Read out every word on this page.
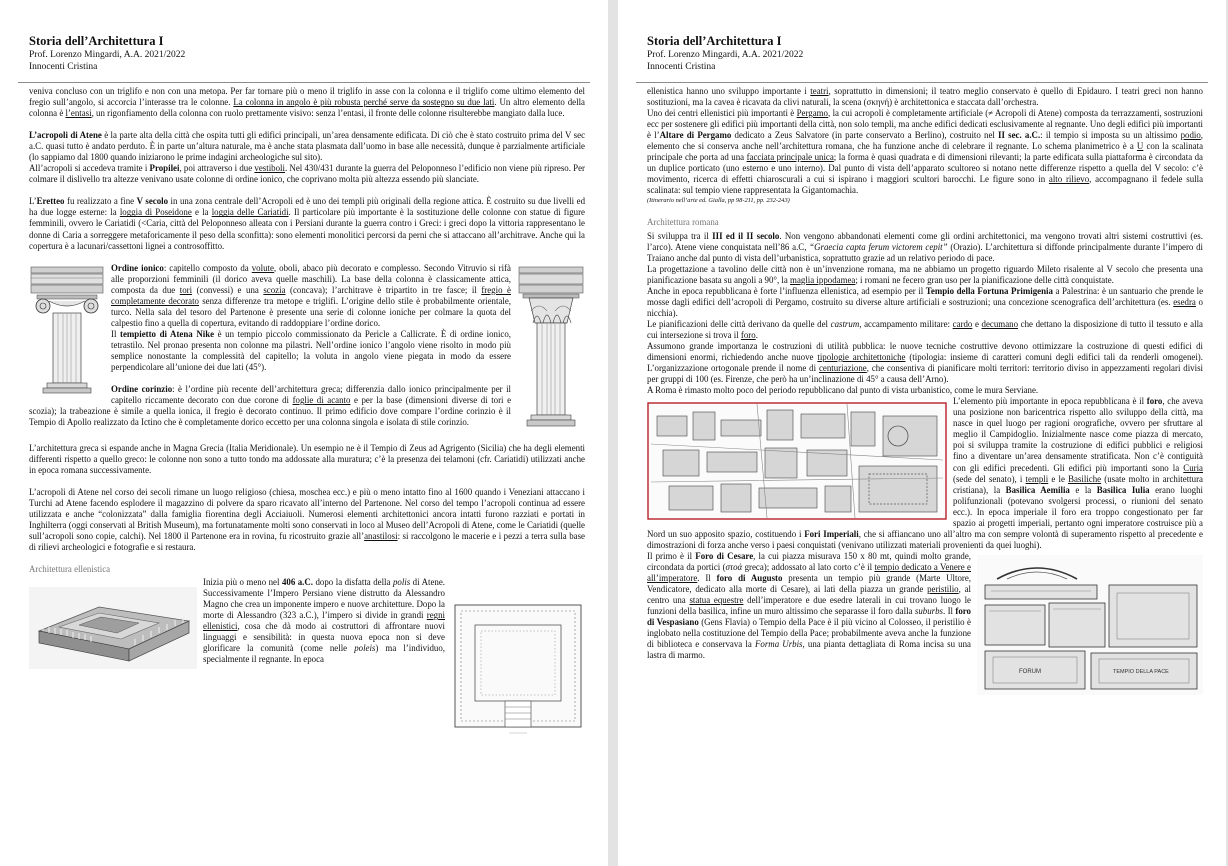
Storia dell’Architettura I
Prof. Lorenzo Mingardi, A.A. 2021/2022
Innocenti Cristina

veniva concluso con un triglifo e non con una metopa. Per far tornare più o meno il triglifo in asse con la colonna e il triglifo come ultimo elemento del fregio sull’angolo, si accorcia l’interasse tra le colonne. La colonna in angolo è più robusta perché serve da sostegno su due lati. Un altro elemento della colonna è l’entasi, un rigonfiamento della colonna con ruolo prettamente visivo: senza l’entasi, il fronte delle colonne risulterebbe mangiato dalla luce.

L’acropoli di Atene è la parte alta della città che ospita tutti gli edifici principali, un’area densamente edificata. Di ciò che è stato costruito prima del V sec a.C. quasi tutto è andato perduto. È in parte un’altura naturale, ma è anche stata plasmata dall’uomo in base alle necessità, dunque è parzialmente artificiale (lo sappiamo dal 1800 quando iniziarono le prime indagini archeologiche sul sito).

All’acropoli si accedeva tramite i Propilei, poi attraverso i due vestiboli. Nel 430/431 durante la guerra del Peloponneso l’edificio non viene più ripreso. Per colmare il dislivello tra altezze venivano usate colonne di ordine ionico, che coprivano molta più altezza essendo più slanciate.

L’Eretteo fu realizzato a fine V secolo in una zona centrale dell’Acropoli ed è uno dei templi più originali della regione attica. È costruito su due livelli ed ha due logge esterne: la loggia di Poseidone e la loggia delle Cariatidi. Il particolare più importante è la sostituzione delle colonne con statue di figure femminili, ovvero le Cariatidi (<Caria, città del Peloponneso alleata con i Persiani durante la guerra contro i Greci: i greci dopo la vittoria rappresentano le donne di Caria a sorreggere metaforicamente il peso della sconfitta): sono elementi monolitici percorsi da perni che si attaccano all’architrave. Anche qui la copertura è a lacunari/cassettoni lignei a controsoffitto.

Ordine ionico: capitello composto da volute, oboli, abaco più decorato e complesso. Secondo Vitruvio si rifà alle proporzioni femminili (il dorico aveva quelle maschili). La base della colonna è classicamente attica, composta da due tori (convessi) e una scozia (concava); l’architrave è tripartito in tre fasce; il fregio è completamente decorato senza differenze tra metope e triglifi. L’origine dello stile è probabilmente orientale, turco. Nella sala del tesoro del Partenone è presente una serie di colonne ioniche per colmare la quota del calpestio fino a quella di copertura, evitando di raddoppiare l’ordine dorico.

Il tempietto di Atena Nike è un tempio piccolo commissionato da Pericle a Callicrate. È di ordine ionico, tetrastilo. Nel pronao presenta non colonne ma pilastri. Nell’ordine ionico l’angolo viene risolto in modo più semplice nonostante la complessità del capitello; la voluta in angolo viene piegata in modo da essere perpendicolare all’unione dei due lati (45°).

Ordine corinzio: è l’ordine più recente dell’architettura greca; differenzia dallo ionico principalmente per il capitello riccamente decorato con due corone di foglie di acanto e per la base (dimensioni diverse di tori e scozia); la trabeazione è simile a quella ionica, il fregio è decorato continuo. Il primo edificio dove compare l’ordine corinzio è il Tempio di Apollo realizzato da Ictino che è completamente dorico eccetto per una colonna singola e isolata di stile corinzio.

L’architettura greca si espande anche in Magna Grecia (Italia Meridionale). Un esempio ne è il Tempio di Zeus ad Agrigento (Sicilia) che ha degli elementi differenti rispetto a quello greco: le colonne non sono a tutto tondo ma addossate alla muratura; c’è la presenza dei telamoni (cfr. Cariatidi) utilizzati anche in epoca romana successivamente.

L’acropoli di Atene nel corso dei secoli rimane un luogo religioso (chiesa, moschea ecc.) e più o meno intatto fino al 1600 quando i Veneziani attaccano i Turchi ad Atene facendo esplodere il magazzino di polvere da sparo ricavato all’interno del Partenone. Nel corso del tempo l’acropoli continua ad essere utilizzata e anche “colonizzata” dalla famiglia fiorentina degli Acciaiuoli. Numerosi elementi architettonici ancora intatti furono razziati e portati in Inghilterra (oggi conservati al British Museum), ma fortunatamente molti sono conservati in loco al Museo dell’Acropoli di Atene, come le Cariatidi (quelle sull’acropoli sono copie, calchi). Nel 1800 il Partenone era in rovina, fu ricostruito grazie all’anastilosi: si raccolgono le macerie e i pezzi a terra sulla base di rilievi archeologici e fotografie e si restaura.

Architettura ellenistica

Inizia più o meno nel 406 a.C. dopo la disfatta della polis di Atene. Successivamente l’Impero Persiano viene distrutto da Alessandro Magno che crea un imponente impero e nuove architetture. Dopo la morte di Alessandro (323 a.C.), l’impero si divide in grandi regni ellenistici, cosa che dà modo ai costruttori di affrontare nuovi linguaggi e sensibilità: in questa nuova epoca non si deve glorificare la comunità (come nelle poleis) ma l’individuo, specialmente il regnante. In epoca

Storia dell’Architettura I
Prof. Lorenzo Mingardi, A.A. 2021/2022
Innocenti Cristina

ellenistica hanno uno sviluppo importante i teatri, soprattutto in dimensioni; il teatro meglio conservato è quello di Epidauro. I teatri greci non hanno sostituzioni, ma la cavea è ricavata da clivi naturali, la scena (σκηνή) è architettonica e staccata dall’orchestra.

Uno dei centri ellenistici più importanti è Pergamo, la cui acropoli è completamente artificiale (≠ Acropoli di Atene) composta da terrazzamenti, sostruzioni ecc per sostenere gli edifici più importanti della città, non solo templi, ma anche edifici dedicati esclusivamente al regnante. Uno degli edifici più importanti è l’Altare di Pergamo dedicato a Zeus Salvatore (in parte conservato a Berlino), costruito nel II sec. a.C.: il tempio si imposta su un altissimo podio, elemento che si conserva anche nell’architettura romana, che ha funzione anche di celebrare il regnante. Lo schema planimetrico è a U con la scalinata principale che porta ad una facciata principale unica; la forma è quasi quadrata e di dimensioni rilevanti; la parte edificata sulla piattaforma è circondata da un duplice porticato (uno esterno e uno interno). Dal punto di vista dell’apparato scultoreo si notano nette differenze rispetto a quella del V secolo: c’è movimento, ricerca di effetti chiaroscurali a cui si ispirano i maggiori scultori barocchi. Le figure sono in alto rilievo, accompagnano il fedele sulla scalinata: sul tempio viene rappresentata la Gigantomachia.

(Itinerario nell’arte ed. Gialla, pp 98-211, pp. 232-243)

Architettura romana

Si sviluppa tra il III ed il II secolo. Non vengono abbandonati elementi come gli ordini architettonici, ma vengono trovati altri sistemi costruttivi (es. l’arco). Atene viene conquistata nell’86 a.C, “Graecia capta ferum victorem cepit” (Orazio). L’architettura si diffonde principalmente durante l’impero di Traiano anche dal punto di vista dell’urbanistica, soprattutto grazie ad un relativo periodo di pace.

La progettazione a tavolino delle città non è un’invenzione romana, ma ne abbiamo un progetto riguardo Mileto risalente al V secolo che presenta una pianificazione basata su angoli a 90°, la maglia ippodamea; i romani ne fecero gran uso per la pianificazione delle città conquistate.

Anche in epoca repubblicana è forte l’influenza ellenistica, ad esempio per il Tempio della Fortuna Primigenia a Palestrina: è un santuario che prende le mosse dagli edifici dell’acropoli di Pergamo, costruito su diverse alture artificiali e sostruzioni; una concezione scenografica dell’architettura (es. esedra o nicchia).

Le pianificazioni delle città derivano da quelle del castrum, accampamento militare: cardo e decumano che dettano la disposizione di tutto il tessuto e alla cui intersezione si trova il foro.

Assumono grande importanza le costruzioni di utilità pubblica: le nuove tecniche costruttive devono ottimizzare la costruzione di questi edifici di dimensioni enormi, richiedendo anche nuove tipologie architettoniche (tipologia: insieme di caratteri comuni degli edifici tali da renderli omogenei). L’organizzazione ortogonale prende il nome di centuriazione, che consentiva di pianificare molti territori: territorio diviso in appezzamenti regolari divisi per gruppi di 100 (es. Firenze, che però ha un’inclinazione di 45° a causa dell’Arno).

A Roma è rimasto molto poco del periodo repubblicano dal punto di vista urbanistico, come le mura Serviane.

L’elemento più importante in epoca repubblicana è il foro, che aveva una posizione non baricentrica rispetto allo sviluppo della città, ma nasce in quel luogo per ragioni orografiche, ovvero per sfruttare al meglio il Campidoglio. Inizialmente nasce come piazza di mercato, poi si sviluppa tramite la costruzione di edifici pubblici e religiosi fino a diventare un’area densamente stratificata. Non c’è contiguità con gli edifici precedenti. Gli edifici più importanti sono la Curia (sede del senato), i templi e le Basiliche (usate molto in architettura cristiana), la Basilica Aemilia e la Basilica Iulia erano luoghi polifunzionali (potevano svolgersi processi, o riunioni del senato ecc.). In epoca imperiale il foro era troppo congestionato per far spazio ai progetti imperiali, pertanto ogni imperatore costruisce più a Nord un suo apposito spazio, costituendo i Fori Imperiali, che si affiancano uno all’altro ma con sempre volontà di superamento rispetto al precedente e dimostrazioni di forza anche verso i paesi conquistati (venivano utilizzati materiali provenienti da quei luoghi).

FORUM	TEMPIO DELLA PACE

Il primo è il Foro di Cesare, la cui piazza misurava 150 x 80 mt, quindi molto grande, circondata da portici (στοά greca); addossato al lato corto c’è il tempio dedicato a Venere e all’imperatore. Il foro di Augusto presenta un tempio più grande (Marte Ultore, Vendicatore, dedicato alla morte di Cesare), ai lati della piazza un grande peristilio, al centro una statua equestre dell’imperatore e due esedre laterali in cui trovano luogo le funzioni della basilica, infine un muro altissimo che separasse il foro dalla suburbs. Il foro di Vespasiano (Gens Flavia) o Tempio della Pace è il più vicino al Colosseo, il peristilio è inglobato nella costituzione del Tempio della Pace; probabilmente aveva anche la funzione di biblioteca e conservava la Forma Urbis, una pianta dettagliata di Roma incisa su una lastra di marmo.
